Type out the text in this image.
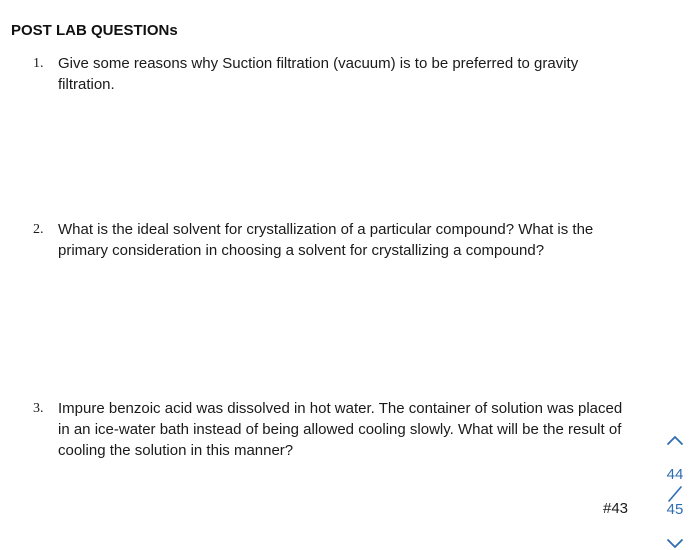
POST LAB QUESTIONs
1. Give some reasons why Suction filtration (vacuum) is to be preferred to gravity filtration.
2. What is the ideal solvent for crystallization of a particular compound? What is the primary consideration in choosing a solvent for crystallizing a compound?
3. Impure benzoic acid was dissolved in hot water. The container of solution was placed in an ice-water bath instead of being allowed cooling slowly. What will be the result of cooling the solution in this manner?
#43
44
45
